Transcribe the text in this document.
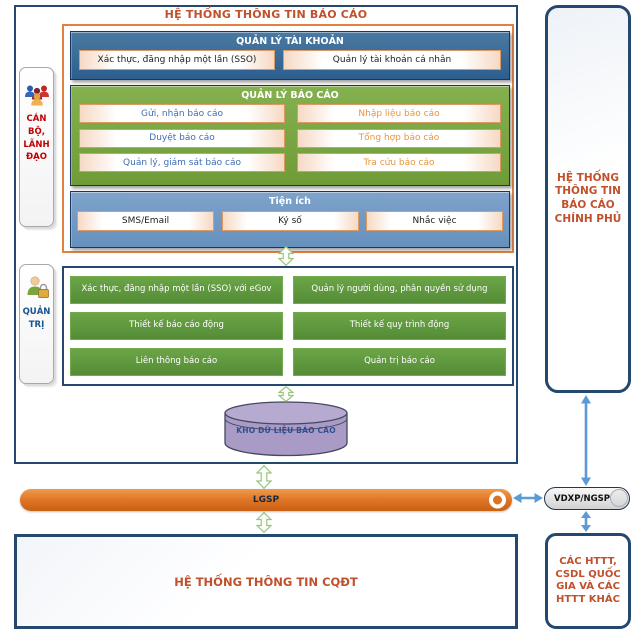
HỆ THỐNG THÔNG TIN BÁO CÁO
CÁN BỘ, LÃNH ĐẠO
QUẢN TRỊ
QUẢN LÝ TÀI KHOẢN
Xác thực, đăng nhập một lần (SSO)	Quản lý tài khoản cá nhân
QUẢN LÝ BÁO CÁO
Gửi, nhận báo cáo	Nhập liệu báo cáo
Duyệt báo cáo	Tổng hợp báo cáo
Quản lý, giám sát báo cáo	Tra cứu báo cáo
Tiện ích
SMS/Email	Ký số	Nhắc việc
Xác thực, đăng nhập một lần (SSO) với eGov	Quản lý người dùng, phân quyền sử dụng
Thiết kế báo cáo động	Thiết kế quy trình động
Liên thông báo cáo	Quản trị báo cáo
KHO DỮ LIỆU BÁO CÁO
LGSP
HỆ THỐNG THÔNG TIN CQĐT
HỆ THỐNG THÔNG TIN BÁO CÁO CHÍNH PHỦ
VDXP/NGSP
CÁC HTTT, CSDL QUỐC GIA VÀ CÁC HTTT KHÁC
